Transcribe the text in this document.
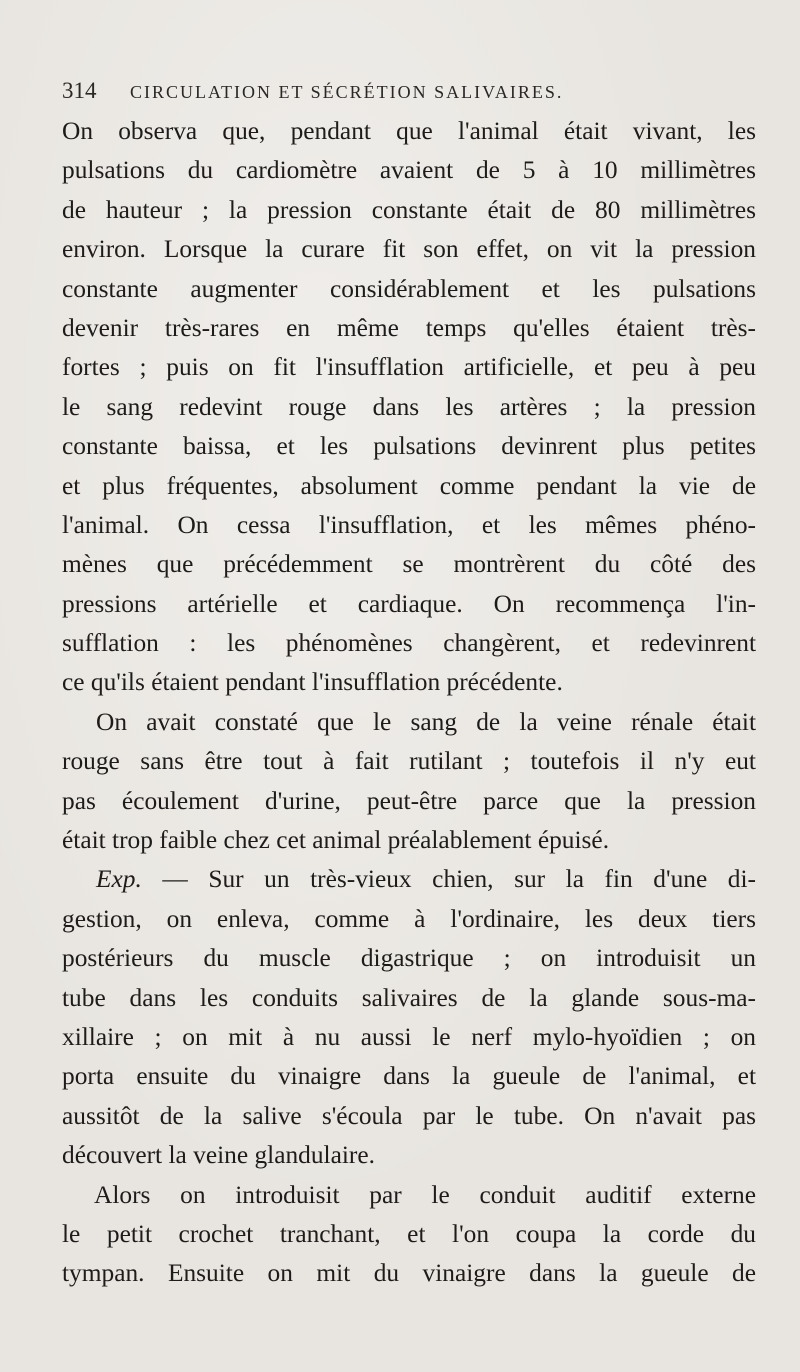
314	CIRCULATION ET SÉCRÉTION SALIVAIRES.
On observa que, pendant que l'animal était vivant, les
pulsations du cardiomètre avaient de 5 à 10 millimètres
de hauteur ; la pression constante était de 80 millimètres
environ. Lorsque la curare fit son effet, on vit la pression
constante augmenter considérablement et les pulsations
devenir très-rares en même temps qu'elles étaient très-
fortes ; puis on fit l'insufflation artificielle, et peu à peu
le sang redevint rouge dans les artères ; la pression
constante baissa, et les pulsations devinrent plus petites
et plus fréquentes, absolument comme pendant la vie de
l'animal. On cessa l'insufflation, et les mêmes phéno-
mènes que précédemment se montrèrent du côté des
pressions artérielle et cardiaque. On recommença l'in-
sufflation : les phénomènes changèrent, et redevinrent
ce qu'ils étaient pendant l'insufflation précédente.
On avait constaté que le sang de la veine rénale était
rouge sans être tout à fait rutilant ; toutefois il n'y eut
pas écoulement d'urine, peut-être parce que la pression
était trop faible chez cet animal préalablement épuisé.
Exp. — Sur un très-vieux chien, sur la fin d'une di-
gestion, on enleva, comme à l'ordinaire, les deux tiers
postérieurs du muscle digastrique ; on introduisit un
tube dans les conduits salivaires de la glande sous-ma-
xillaire ; on mit à nu aussi le nerf mylo-hyoïdien ; on
porta ensuite du vinaigre dans la gueule de l'animal, et
aussitôt de la salive s'écoula par le tube. On n'avait pas
découvert la veine glandulaire.
Alors on introduisit par le conduit auditif externe
le petit crochet tranchant, et l'on coupa la corde du
tympan. Ensuite on mit du vinaigre dans la gueule de
